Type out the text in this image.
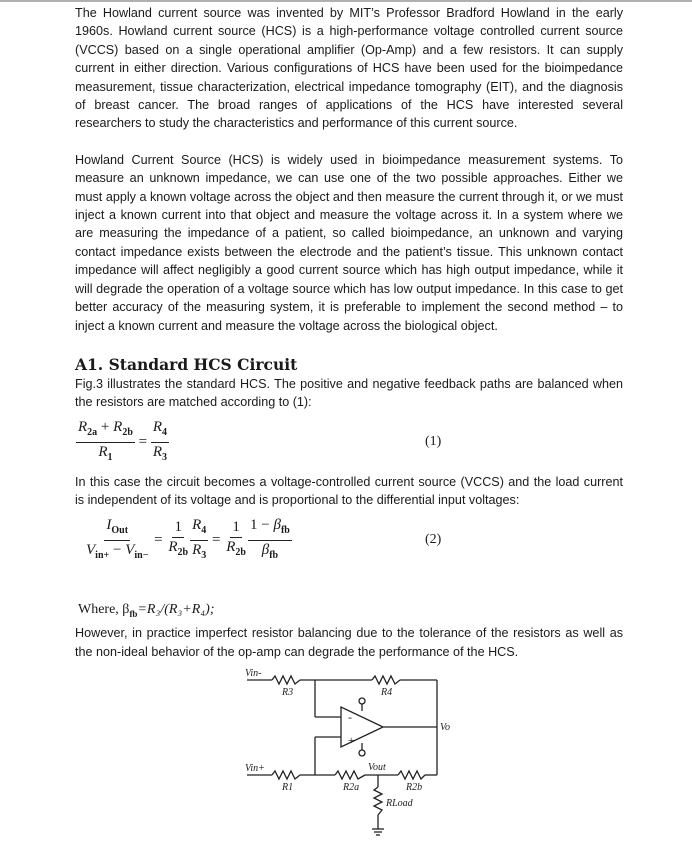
The Howland current source was invented by MIT’s Professor Bradford Howland in the early 1960s. Howland current source (HCS) is a high-performance voltage controlled current source (VCCS) based on a single operational amplifier (Op-Amp) and a few resistors. It can supply current in either direction. Various configurations of HCS have been used for the bioimpedance measurement, tissue characterization, electrical impedance tomography (EIT), and the diagnosis of breast cancer. The broad ranges of applications of the HCS have interested several researchers to study the characteristics and performance of this current source.
Howland Current Source (HCS) is widely used in bioimpedance measurement systems. To measure an unknown impedance, we can use one of the two possible approaches. Either we must apply a known voltage across the object and then measure the current through it, or we must inject a known current into that object and measure the voltage across it. In a system where we are measuring the impedance of a patient, so called bioimpedance, an unknown and varying contact impedance exists between the electrode and the patient’s tissue. This unknown contact impedance will affect negligibly a good current source which has high output impedance, while it will degrade the operation of a voltage source which has low output impedance. In this case to get better accuracy of the measuring system, it is preferable to implement the second method – to inject a known current and measure the voltage across the biological object.
A1. Standard HCS Circuit
Fig.3 illustrates the standard HCS. The positive and negative feedback paths are balanced when the resistors are matched according to (1):
$\frac{R_{2a} + R_{2b}}{R_1} = \frac{R_4}{R_3}$	(1)
In this case the circuit becomes a voltage-controlled current source (VCCS) and the load current is independent of its voltage and is proportional to the differential input voltages:
$\frac{I_{Out}}{V_{in+} - V_{in-}} = \frac{1}{R_{2b}} \frac{R_4}{R_3} = \frac{1}{R_{2b}} \frac{1 - \beta_{fb}}{\beta_{fb}}$	(2)
Where, $\beta_{fb}=R_3/(R_3+R_4)$;
However, in practice imperfect resistor balancing due to the tolerance of the resistors as well as the non-ideal behavior of the op-amp can degrade the performance of the HCS.
Vin-
Vin+
Vo
Vout
R3	R4
R1	R2a	R2b
RLoad
-
+
